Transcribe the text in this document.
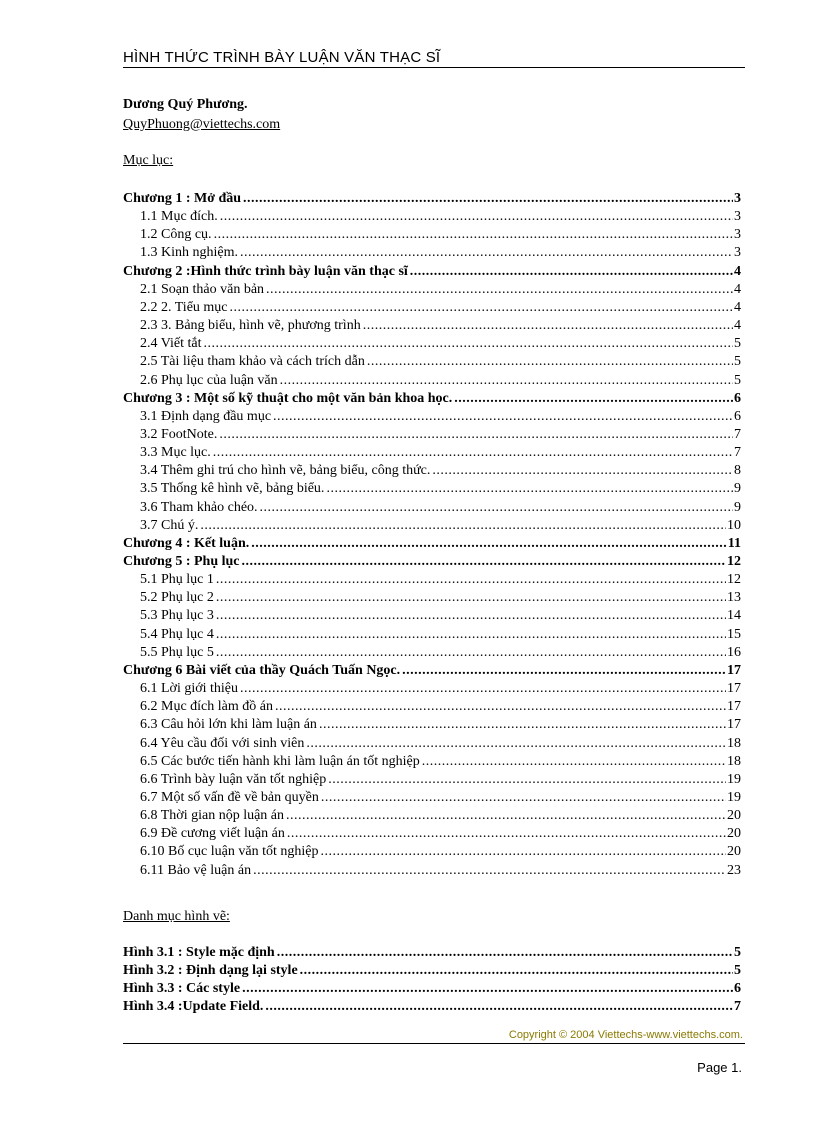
HÌNH THỨC TRÌNH BÀY LUẬN VĂN THẠC SĨ
Dương Quý Phương.
QuyPhuong@viettechs.com
Mục lục:
Chương 1 : Mở đầu .....	3
1.1 Mục đích. .....	3
1.2 Công cụ. .....	3
1.3 Kinh nghiệm. .....	3
Chương 2 :Hình thức trình bày luận văn thạc sĩ .....	4
2.1 Soạn thảo văn bản .....	4
2.2 2. Tiểu mục .....	4
2.3 3. Bảng biểu, hình vẽ, phương trình .....	4
2.4 Viết tắt .....	5
2.5 Tài liệu tham khảo và cách trích dẫn .....	5
2.6 Phụ lục của luận văn .....	5
Chương 3 : Một số kỹ thuật cho một văn bản khoa học. .....	6
3.1 Định dạng đầu mục .....	6
3.2 FootNote. .....	7
3.3 Mục lục. .....	7
3.4 Thêm ghi trú cho hình vẽ, bảng biểu, công thức. .....	8
3.5 Thống kê hình vẽ, bảng biểu. .....	9
3.6 Tham khảo chéo. .....	9
3.7 Chú ý. .....	10
Chương 4 : Kết luận. .....	11
Chương 5 : Phụ lục .....	12
5.1 Phụ lục 1 .....	12
5.2 Phụ lục 2 .....	13
5.3 Phụ lục 3 .....	14
5.4 Phụ lục 4 .....	15
5.5 Phụ lục 5 .....	16
Chương 6 Bài viết của thầy Quách Tuấn Ngọc. .....	17
6.1 Lời giới thiệu .....	17
6.2 Mục đích làm đồ án .....	17
6.3 Câu hỏi lớn khi làm luận án .....	17
6.4 Yêu cầu đối với sinh viên .....	18
6.5 Các bước tiến hành khi làm luận án tốt nghiệp .....	18
6.6 Trình bày luận văn tốt nghiệp .....	19
6.7 Một số vấn đề về bản quyền .....	19
6.8 Thời gian nộp luận án .....	20
6.9 Đề cương viết luận án .....	20
6.10 Bố cục luận văn tốt nghiệp .....	20
6.11 Bảo vệ luận án .....	23
Danh mục hình vẽ:
Hình 3.1 : Style mặc định .....	5
Hình 3.2 : Định dạng lại style .....	5
Hình 3.3 : Các style .....	6
Hình 3.4 :Update Field. .....	7
Copyright © 2004 Viettechs-www.viettechs.com.
Page 1.
